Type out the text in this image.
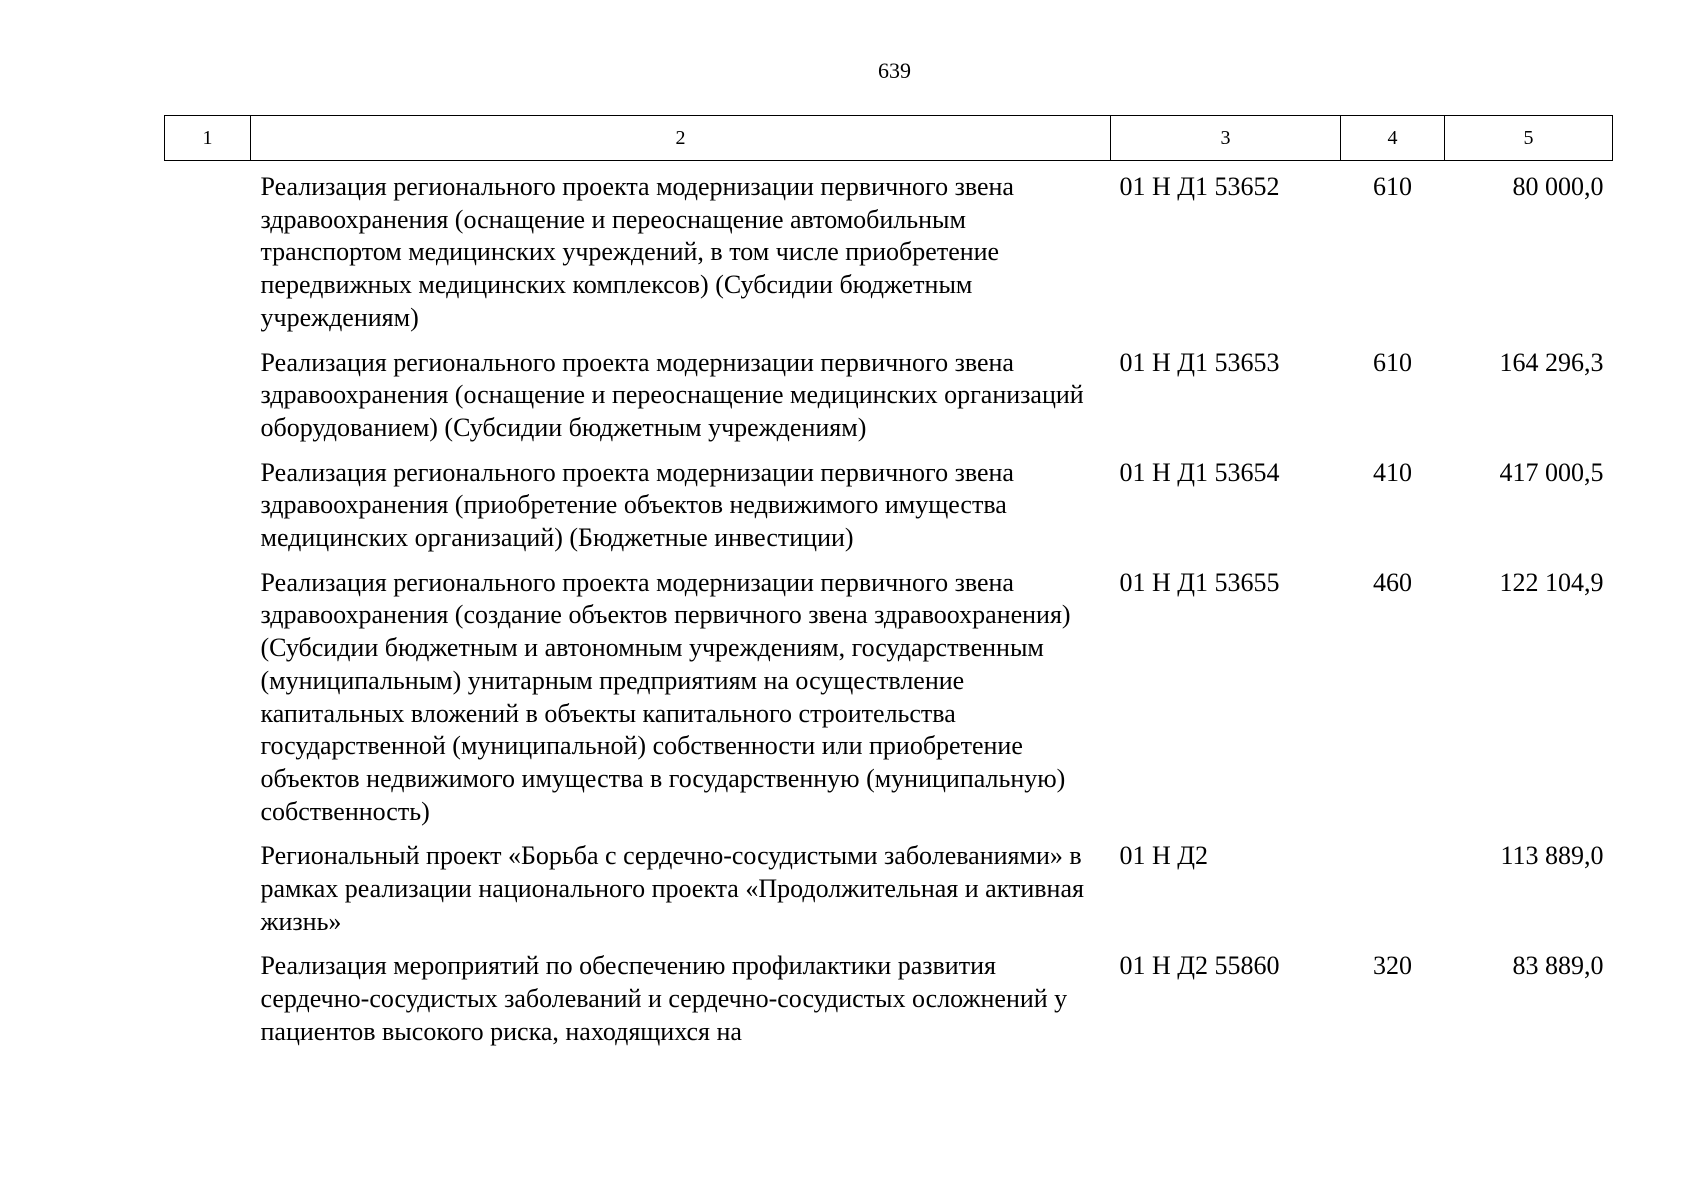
639
1	2	3	4	5
	Реализация регионального проекта модернизации первичного звена здравоохранения (оснащение и переоснащение автомобильным транспортом медицинских учреждений, в том числе приобретение передвижных медицинских комплексов) (Субсидии бюджетным учреждениям)	01 Н Д1 53652	610	80 000,0
	Реализация регионального проекта модернизации первичного звена здравоохранения (оснащение и переоснащение медицинских организаций оборудованием) (Субсидии бюджетным учреждениям)	01 Н Д1 53653	610	164 296,3
	Реализация регионального проекта модернизации первичного звена здравоохранения (приобретение объектов недвижимого имущества медицинских организаций) (Бюджетные инвестиции)	01 Н Д1 53654	410	417 000,5
	Реализация регионального проекта модернизации первичного звена здравоохранения (создание объектов первичного звена здравоохранения) (Субсидии бюджетным и автономным учреждениям, государственным (муниципальным) унитарным предприятиям на осуществление капитальных вложений в объекты капитального строительства государственной (муниципальной) собственности или приобретение объектов недвижимого имущества в государственную (муниципальную) собственность)	01 Н Д1 53655	460	122 104,9
	Региональный проект «Борьба с сердечно-сосудистыми заболеваниями» в рамках реализации национального проекта «Продолжительная и активная жизнь»	01 Н Д2		113 889,0
	Реализация мероприятий по обеспечению профилактики развития сердечно-сосудистых заболеваний и сердечно-сосудистых осложнений у пациентов высокого риска, находящихся на	01 Н Д2 55860	320	83 889,0
